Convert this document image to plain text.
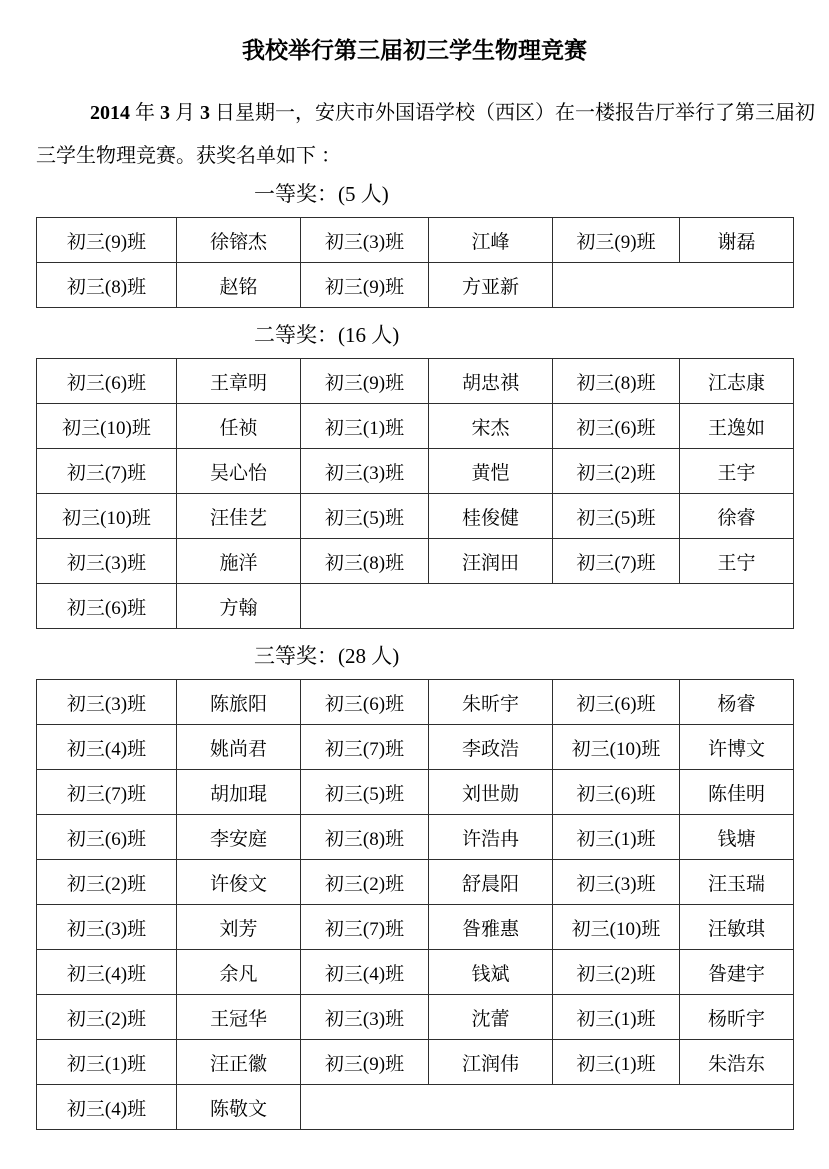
我校举行第三届初三学生物理竞赛
2014 年 3 月 3 日星期一，安庆市外国语学校（西区）在一楼报告厅举行了第三届初
三学生物理竞赛。获奖名单如下 ：
一等奖：(5 人)
初三(9)班	徐镕杰	初三(3)班	江峰	初三(9)班	谢磊
初三(8)班	赵铭	初三(9)班	方亚新		
二等奖：(16 人)
初三(6)班	王章明	初三(9)班	胡忠祺	初三(8)班	江志康
初三(10)班	任祯	初三(1)班	宋杰	初三(6)班	王逸如
初三(7)班	吴心怡	初三(3)班	黄恺	初三(2)班	王宇
初三(10)班	汪佳艺	初三(5)班	桂俊健	初三(5)班	徐睿
初三(3)班	施洋	初三(8)班	汪润田	初三(7)班	王宁
初三(6)班	方翰				
三等奖：(28 人)
初三(3)班	陈旅阳	初三(6)班	朱昕宇	初三(6)班	杨睿
初三(4)班	姚尚君	初三(7)班	李政浩	初三(10)班	许博文
初三(7)班	胡加琨	初三(5)班	刘世勋	初三(6)班	陈佳明
初三(6)班	李安庭	初三(8)班	许浩冉	初三(1)班	钱塘
初三(2)班	许俊文	初三(2)班	舒晨阳	初三(3)班	汪玉瑞
初三(3)班	刘芳	初三(7)班	昝雅惠	初三(10)班	汪敏琪
初三(4)班	余凡	初三(4)班	钱斌	初三(2)班	昝建宇
初三(2)班	王冠华	初三(3)班	沈蕾	初三(1)班	杨昕宇
初三(1)班	汪正徽	初三(9)班	江润伟	初三(1)班	朱浩东
初三(4)班	陈敬文				
